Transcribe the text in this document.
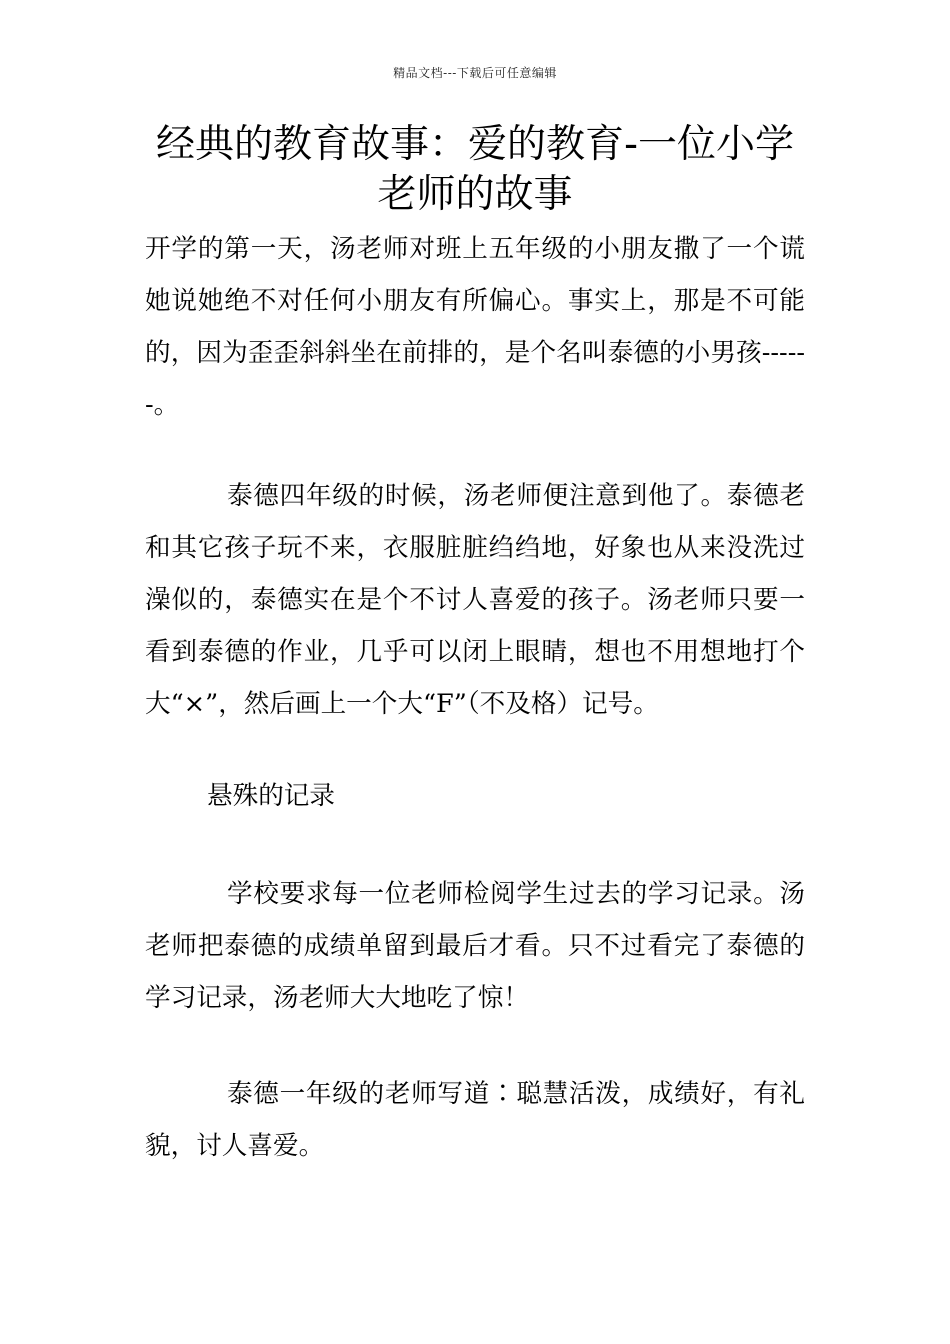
精品文档---下载后可任意编辑
经典的教育故事：爱的教育-一位小学老师的故事

开学的第一天，汤老师对班上五年级的小朋友撒了一个谎她说她绝不对任何小朋友有所偏心。事实上，那是不可能的，因为歪歪斜斜坐在前排的，是个名叫泰德的小男孩------。

泰德四年级的时候，汤老师便注意到他了。泰德老和其它孩子玩不来，衣服脏脏绉绉地，好象也从来没洗过澡似的，泰德实在是个不讨人喜爱的孩子。汤老师只要一看到泰德的作业，几乎可以闭上眼睛，想也不用想地打个大“×”，然后画上一个大“F”（不及格）记号。

悬殊的记录

学校要求每一位老师检阅学生过去的学习记录。汤老师把泰德的成绩单留到最后才看。只不过看完了泰德的学习记录，汤老师大大地吃了惊！

泰德一年级的老师写道∶聪慧活泼，成绩好，有礼貌，讨人喜爱。
